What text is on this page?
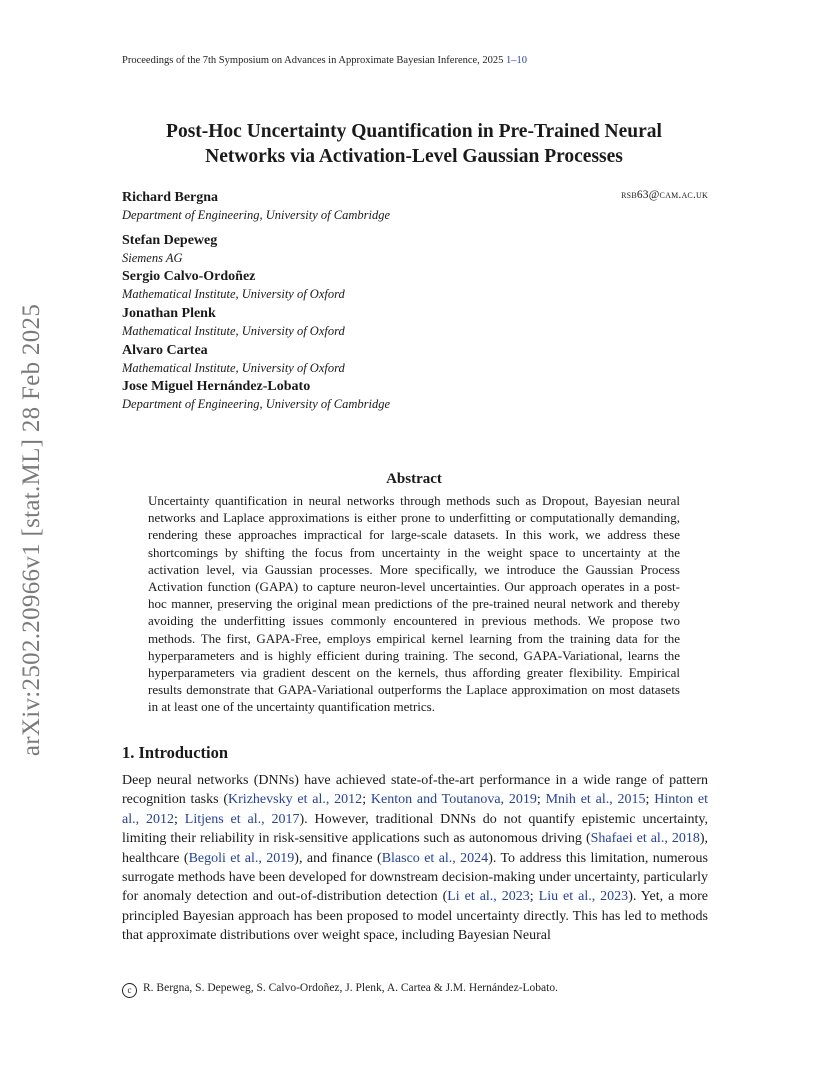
arXiv:2502.20966v1 [stat.ML] 28 Feb 2025
Proceedings of the 7th Symposium on Advances in Approximate Bayesian Inference, 2025 1–10
Post-Hoc Uncertainty Quantification in Pre-Trained Neural
Networks via Activation-Level Gaussian Processes
Richard Bergna
Department of Engineering, University of Cambridge
rsb63@cam.ac.uk
Stefan Depeweg
Siemens AG
Sergio Calvo-Ordoñez
Mathematical Institute, University of Oxford
Jonathan Plenk
Mathematical Institute, University of Oxford
Alvaro Cartea
Mathematical Institute, University of Oxford
Jose Miguel Hernández-Lobato
Department of Engineering, University of Cambridge
Abstract
Uncertainty quantification in neural networks through methods such as Dropout, Bayesian neural networks and Laplace approximations is either prone to underfitting or computationally demanding, rendering these approaches impractical for large-scale datasets. In this work, we address these shortcomings by shifting the focus from uncertainty in the weight space to uncertainty at the activation level, via Gaussian processes. More specifically, we introduce the Gaussian Process Activation function (GAPA) to capture neuron-level uncertainties. Our approach operates in a post-hoc manner, preserving the original mean predictions of the pre-trained neural network and thereby avoiding the underfitting issues commonly encountered in previous methods. We propose two methods. The first, GAPA-Free, employs empirical kernel learning from the training data for the hyperparameters and is highly efficient during training. The second, GAPA-Variational, learns the hyperparameters via gradient descent on the kernels, thus affording greater flexibility. Empirical results demonstrate that GAPA-Variational outperforms the Laplace approximation on most datasets in at least one of the uncertainty quantification metrics.
1. Introduction
Deep neural networks (DNNs) have achieved state-of-the-art performance in a wide range of pattern recognition tasks (Krizhevsky et al., 2012; Kenton and Toutanova, 2019; Mnih et al., 2015; Hinton et al., 2012; Litjens et al., 2017). However, traditional DNNs do not quantify epistemic uncertainty, limiting their reliability in risk-sensitive applications such as autonomous driving (Shafaei et al., 2018), healthcare (Begoli et al., 2019), and finance (Blasco et al., 2024). To address this limitation, numerous surrogate methods have been developed for downstream decision-making under uncertainty, particularly for anomaly detection and out-of-distribution detection (Li et al., 2023; Liu et al., 2023). Yet, a more principled Bayesian approach has been proposed to model uncertainty directly. This has led to methods that approximate distributions over weight space, including Bayesian Neural
c R. Bergna, S. Depeweg, S. Calvo-Ordoñez, J. Plenk, A. Cartea & J.M. Hernández-Lobato.
